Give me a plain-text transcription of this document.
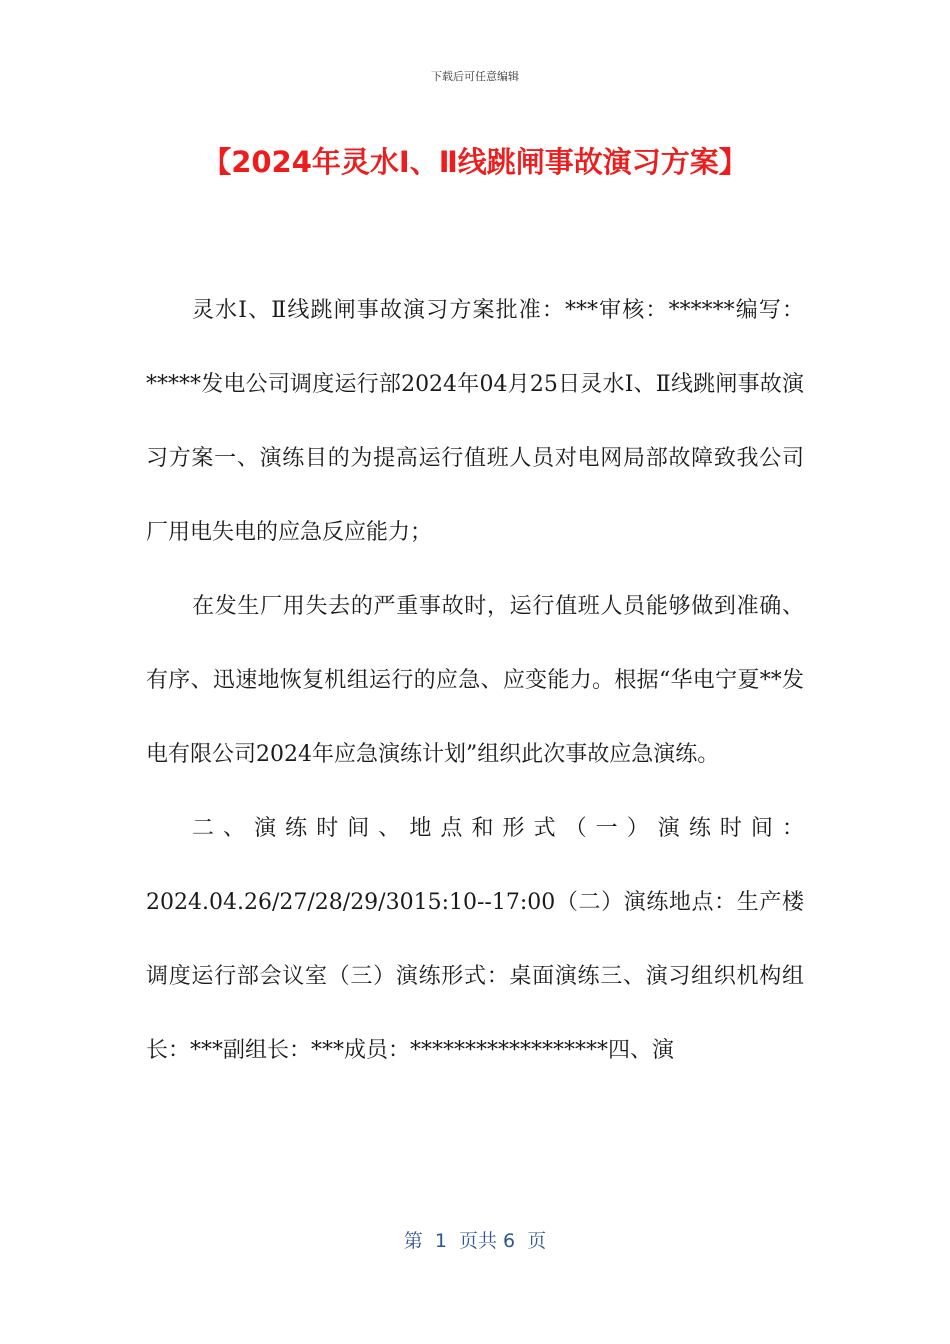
下载后可任意编辑
【2024年灵水Ⅰ、Ⅱ线跳闸事故演习方案】

灵水Ⅰ、Ⅱ线跳闸事故演习方案批准：***审核：******编写：*****发电公司调度运行部2024年04月25日灵水Ⅰ、Ⅱ线跳闸事故演习方案一、演练目的为提高运行值班人员对电网局部故障致我公司厂用电失电的应急反应能力；

在发生厂用失去的严重事故时，运行值班人员能够做到准确、有序、迅速地恢复机组运行的应急、应变能力。根据“华电宁夏**发电有限公司2024年应急演练计划”组织此次事故应急演练。

二、演练时间、地点和形式（一）演练时间：2024.04.26/27/28/29/3015:10--17:00（二）演练地点：生产楼调度运行部会议室（三）演练形式：桌面演练三、演习组织机构组长：***副组长：***成员：******************四、演

第  1  页共 6  页
